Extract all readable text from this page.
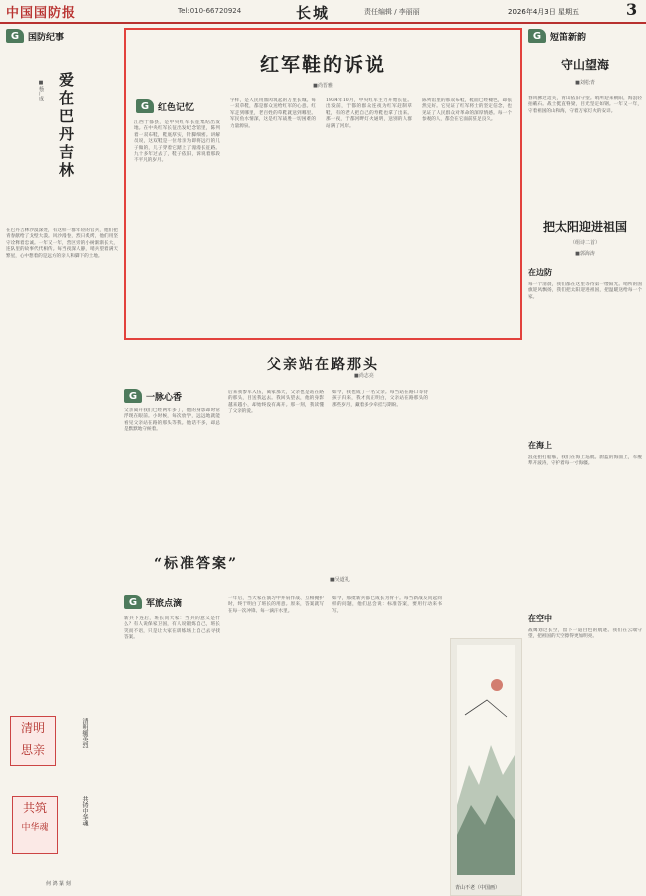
中国国防报	Tel:010-66720924	长城	责任编辑 / 李丽丽	2026年4月3日 星期五	3
G 国防纪事
爱在巴丹吉林
■杨广成
在巴丹吉林沙漠深处，有这样一群年轻的官兵，他们把青春献给了戈壁大漠。风沙漫卷，烈日炙烤，他们用坚守诠释着忠诚。一年又一年，营区旁的小树渐渐长大，连队里的故事代代相传。每当夜深人静，哨兵望着满天繁星，心中想着的是远方的亲人和脚下的土地。
清明
思亲
共筑
中华魂
清明缅英烈
共铸中华魂
何 鸿 篆 刻
红军鞋的诉说
■尚晋雅
G 红色记忆
江西于都县，是中央红军长征集结出发地。在中央红军长征出发纪念馆里，陈列着一双布鞋，鞋底厚实，针脚细密。讲解员说，这双鞋是一位母亲为即将远行的儿子做的，儿子穿着它踏上了漫漫长征路。九十多年过去了，鞋子依旧，诉说着那段不平凡的岁月。
字样，是人民用血肉筑起的万里长城。每一双草鞋，都是群众送给红军的心意。红军走到哪里，老百姓的草鞋就送到哪里。军民鱼水情深，这是红军战胜一切困难的力量源泉。
1934年10月，中央红军主力开始长征。出发前，于都的群众连夜为红军赶制草鞋，有的老人把自己的寿鞋也拿了出来。那一夜，于都河畔灯火通明，送别的人群站满了河岸。
陈列馆里的那双布鞋，鞋面已经褪色，却依然完好。它见证了红军将士的坚定信念，也见证了人民群众对革命的深厚情感。每一个参观的人，都会在它面前驻足良久。
父亲站在路那头
■尚志亮
G 一脉心香
父亲离开我们已经两年多了，他的身影却时常浮现在眼前。小时候，每次放学，远远地就能看见父亲站在路的那头等我。他话不多，却总是默默地守候着。
后来我参军入伍，离家那天，父亲也是站在路的那头，目送我远去。我回头望去，他的身影越来越小，却始终没有离开。那一刻，我读懂了父亲的爱。
如今，我也成了一名父亲。每当站在路口等待孩子归来，我才真正明白，父亲站在路那头的那些岁月，藏着多少牵挂与期盼。
“标准答案”
■吴道礼
G 军旅点滴
新兵下连后，班长问大家：当兵的意义是什么？有人说保家卫国，有人说锻炼自己，班长笑而不语，只是让大家在训练场上自己去寻找答案。
一年后，当大家在演习中并肩作战、互相掩护时，终于明白了班长的用意。原来，答案就写在每一次冲锋、每一滴汗水里。
如今，那批新兵都已成长为骨干。每当新战友问起同样的问题，他们总会说：标准答案，要用行动来书写。
青山不老（中国画）
G 短笛新韵
守山望海
■刘松青
春风拂过边关，青山依旧守望。哨所迎来朝阳，海浪轻拍礁石。战士挺直脊梁，目光坚定如钢。一年又一年，守着祖国的山和海，守着万家灯火的安详。
把太阳迎进祖国
（组诗二首）
■郭海涛
在边防
每一个清晨，我们都在这里等待第一缕阳光。哨所的国旗迎风飘扬，我们把太阳迎进祖国，把温暖送给每一个家。
在海上
浪花拍打船舷，我们在海上巡航。蔚蓝的海面上，军舰犁开波涛，守护着每一寸海疆。
在空中
战鹰划过长空，留下一道白色的航迹。我们在云端守望，把祖国的天空擦得更加明亮。
